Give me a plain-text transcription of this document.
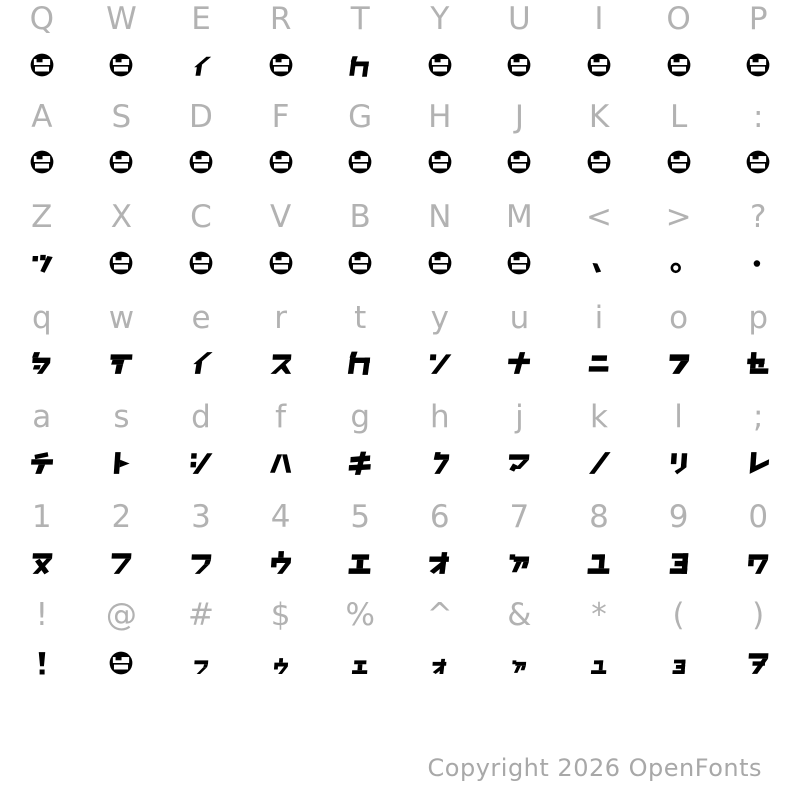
Q W E R T Y U I O P
A S D F G H J K L :
Z X C V B N M < > ?
q w e r t y u i o p
a s d f g h j k l ;
1 2 3 4 5 6 7 8 9 0
! @ # $ % ^ & * ( )
Copyright 2026 OpenFonts
